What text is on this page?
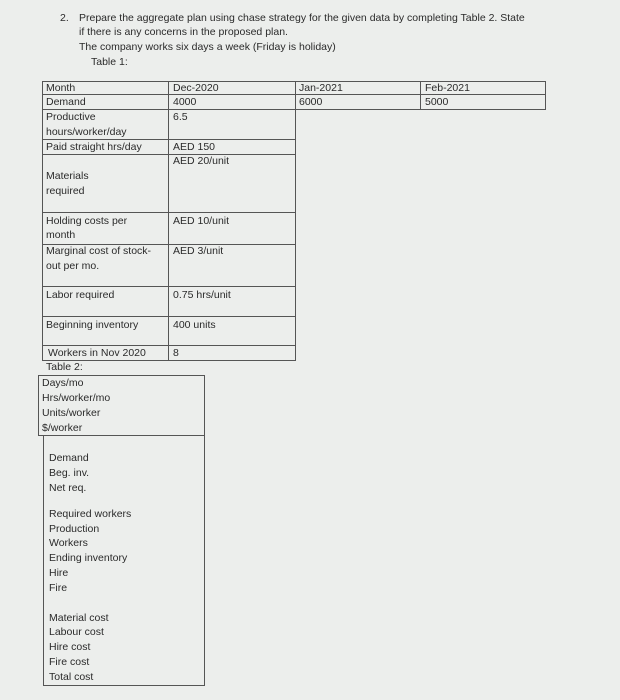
2. Prepare the aggregate plan using chase strategy for the given data by completing Table 2. State
if there is any concerns in the proposed plan.
The company works six days a week (Friday is holiday)
Table 1:
Month
Demand
Productive
hours/worker/day
Paid straight hrs/day
Materials
required
Holding costs per
month
Marginal cost of stock-
out per mo.
Labor required
Beginning inventory
Workers in Nov 2020
Dec-2020
4000
6.5
AED 150
AED 20/unit
AED 10/unit
AED 3/unit
0.75 hrs/unit
400 units
8
Jan-2021
6000
Feb-2021
5000
Table 2:
Days/mo
Hrs/worker/mo
Units/worker
$/worker
Demand
Beg. inv.
Net req.
Required workers
Production
Workers
Ending inventory
Hire
Fire
Material cost
Labour cost
Hire cost
Fire cost
Total cost
